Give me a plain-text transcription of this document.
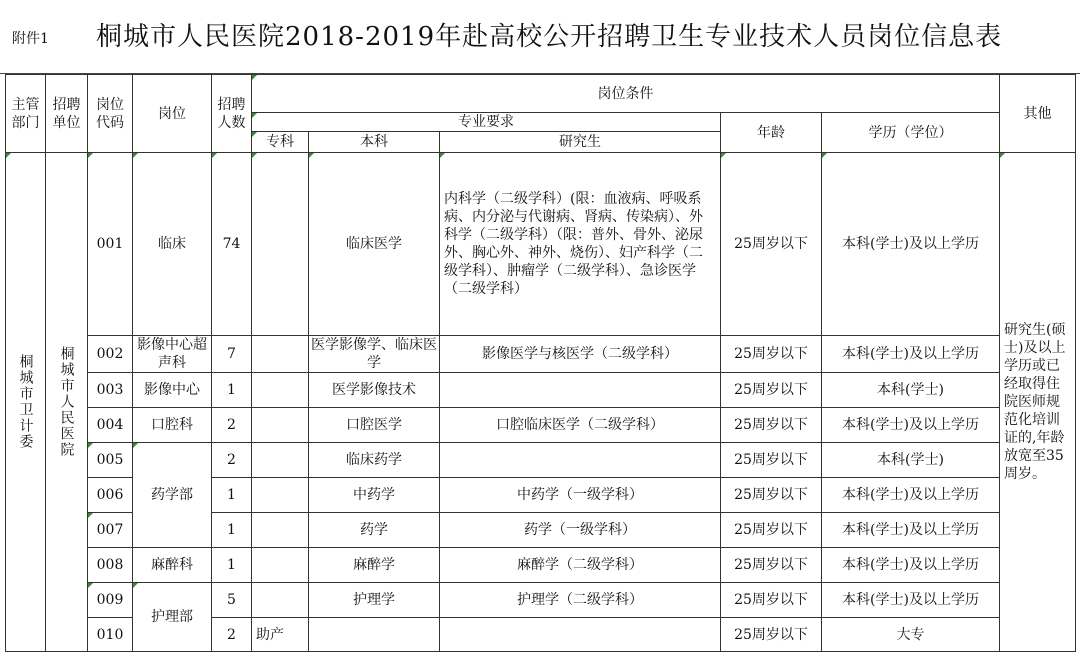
附件1 桐城市人民医院2018-2019年赴高校公开招聘卫生专业技术人员岗位信息表
主管部门	招聘单位	岗位代码	岗位	招聘人数	岗位条件					其他
					专业要求			年龄	学历（学位）	
					专科	本科	研究生			

桐城市卫计委	桐城市人民医院	001	临床	74		临床医学	内科学（二级学科）(限：血液病、呼吸系病、内分泌与代谢病、肾病、传染病）、外科学（二级学科）（限：普外、骨外、泌尿外、胸心外、神外、烧伤）、妇产科学（二级学科）、肿瘤学（二级学科）、急诊医学（二级学科）	25周岁以下	本科(学士)及以上学历	研究生(硕士)及以上学历或已经取得住院医师规范化培训证的,年龄放宽至35周岁。
		002	影像中心超声科	7		医学影像学、临床医学	影像医学与核医学（二级学科）	25周岁以下	本科(学士)及以上学历	
		003	影像中心	1		医学影像技术		25周岁以下	本科(学士)	
		004	口腔科	2		口腔医学	口腔临床医学（二级学科）	25周岁以下	本科(学士)及以上学历	
		005	药学部	2		临床药学		25周岁以下	本科(学士)	
		006		1		中药学	中药学（一级学科）	25周岁以下	本科(学士)及以上学历	
		007		1		药学	药学（一级学科）	25周岁以下	本科(学士)及以上学历	
		008	麻醉科	1		麻醉学	麻醉学（二级学科）	25周岁以下	本科(学士)及以上学历	
		009	护理部	5		护理学	护理学（二级学科）	25周岁以下	本科(学士)及以上学历	
		010		2	助产			25周岁以下	大专	
